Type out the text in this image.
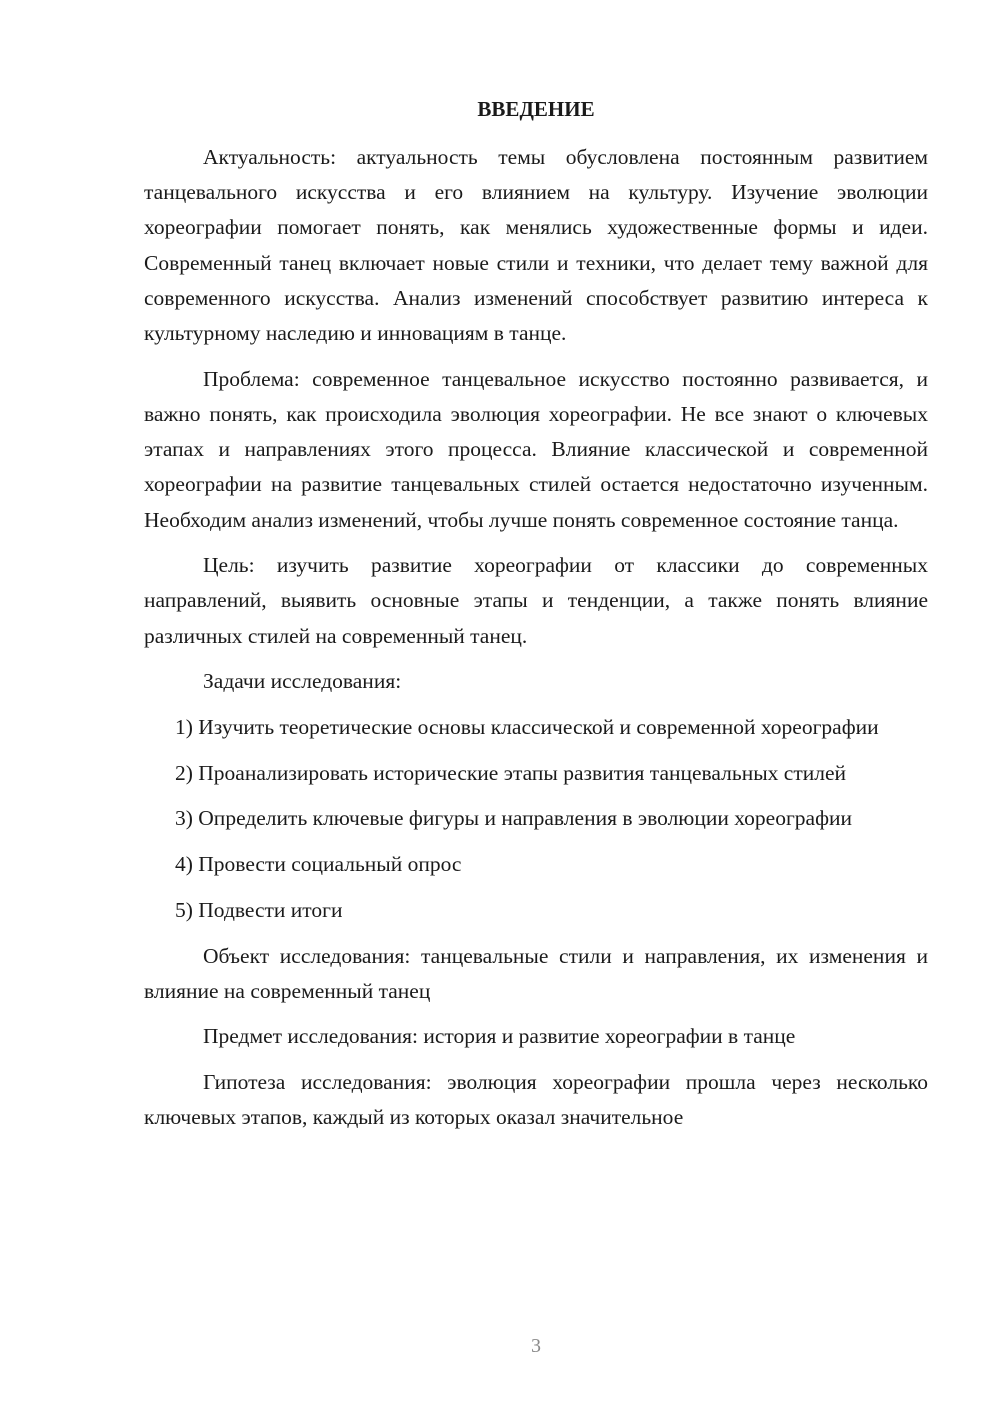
ВВЕДЕНИЕ

Актуальность: актуальность темы обусловлена постоянным развитием танцевального искусства и его влиянием на культуру. Изучение эволюции хореографии помогает понять, как менялись художественные формы и идеи. Современный танец включает новые стили и техники, что делает тему важной для современного искусства. Анализ изменений способствует развитию интереса к культурному наследию и инновациям в танце.

Проблема: современное танцевальное искусство постоянно развивается, и важно понять, как происходила эволюция хореографии. Не все знают о ключевых этапах и направлениях этого процесса. Влияние классической и современной хореографии на развитие танцевальных стилей остается недостаточно изученным. Необходим анализ изменений, чтобы лучше понять современное состояние танца.

Цель: изучить развитие хореографии от классики до современных направлений, выявить основные этапы и тенденции, а также понять влияние различных стилей на современный танец.

Задачи исследования:

1) Изучить теоретические основы классической и современной хореографии

2) Проанализировать исторические этапы развития танцевальных стилей

3) Определить ключевые фигуры и направления в эволюции хореографии

4) Провести социальный опрос

5) Подвести итоги

Объект исследования: танцевальные стили и направления, их изменения и влияние на современный танец

Предмет исследования: история и развитие хореографии в танце

Гипотеза исследования: эволюция хореографии прошла через несколько ключевых этапов, каждый из которых оказал значительное

3
